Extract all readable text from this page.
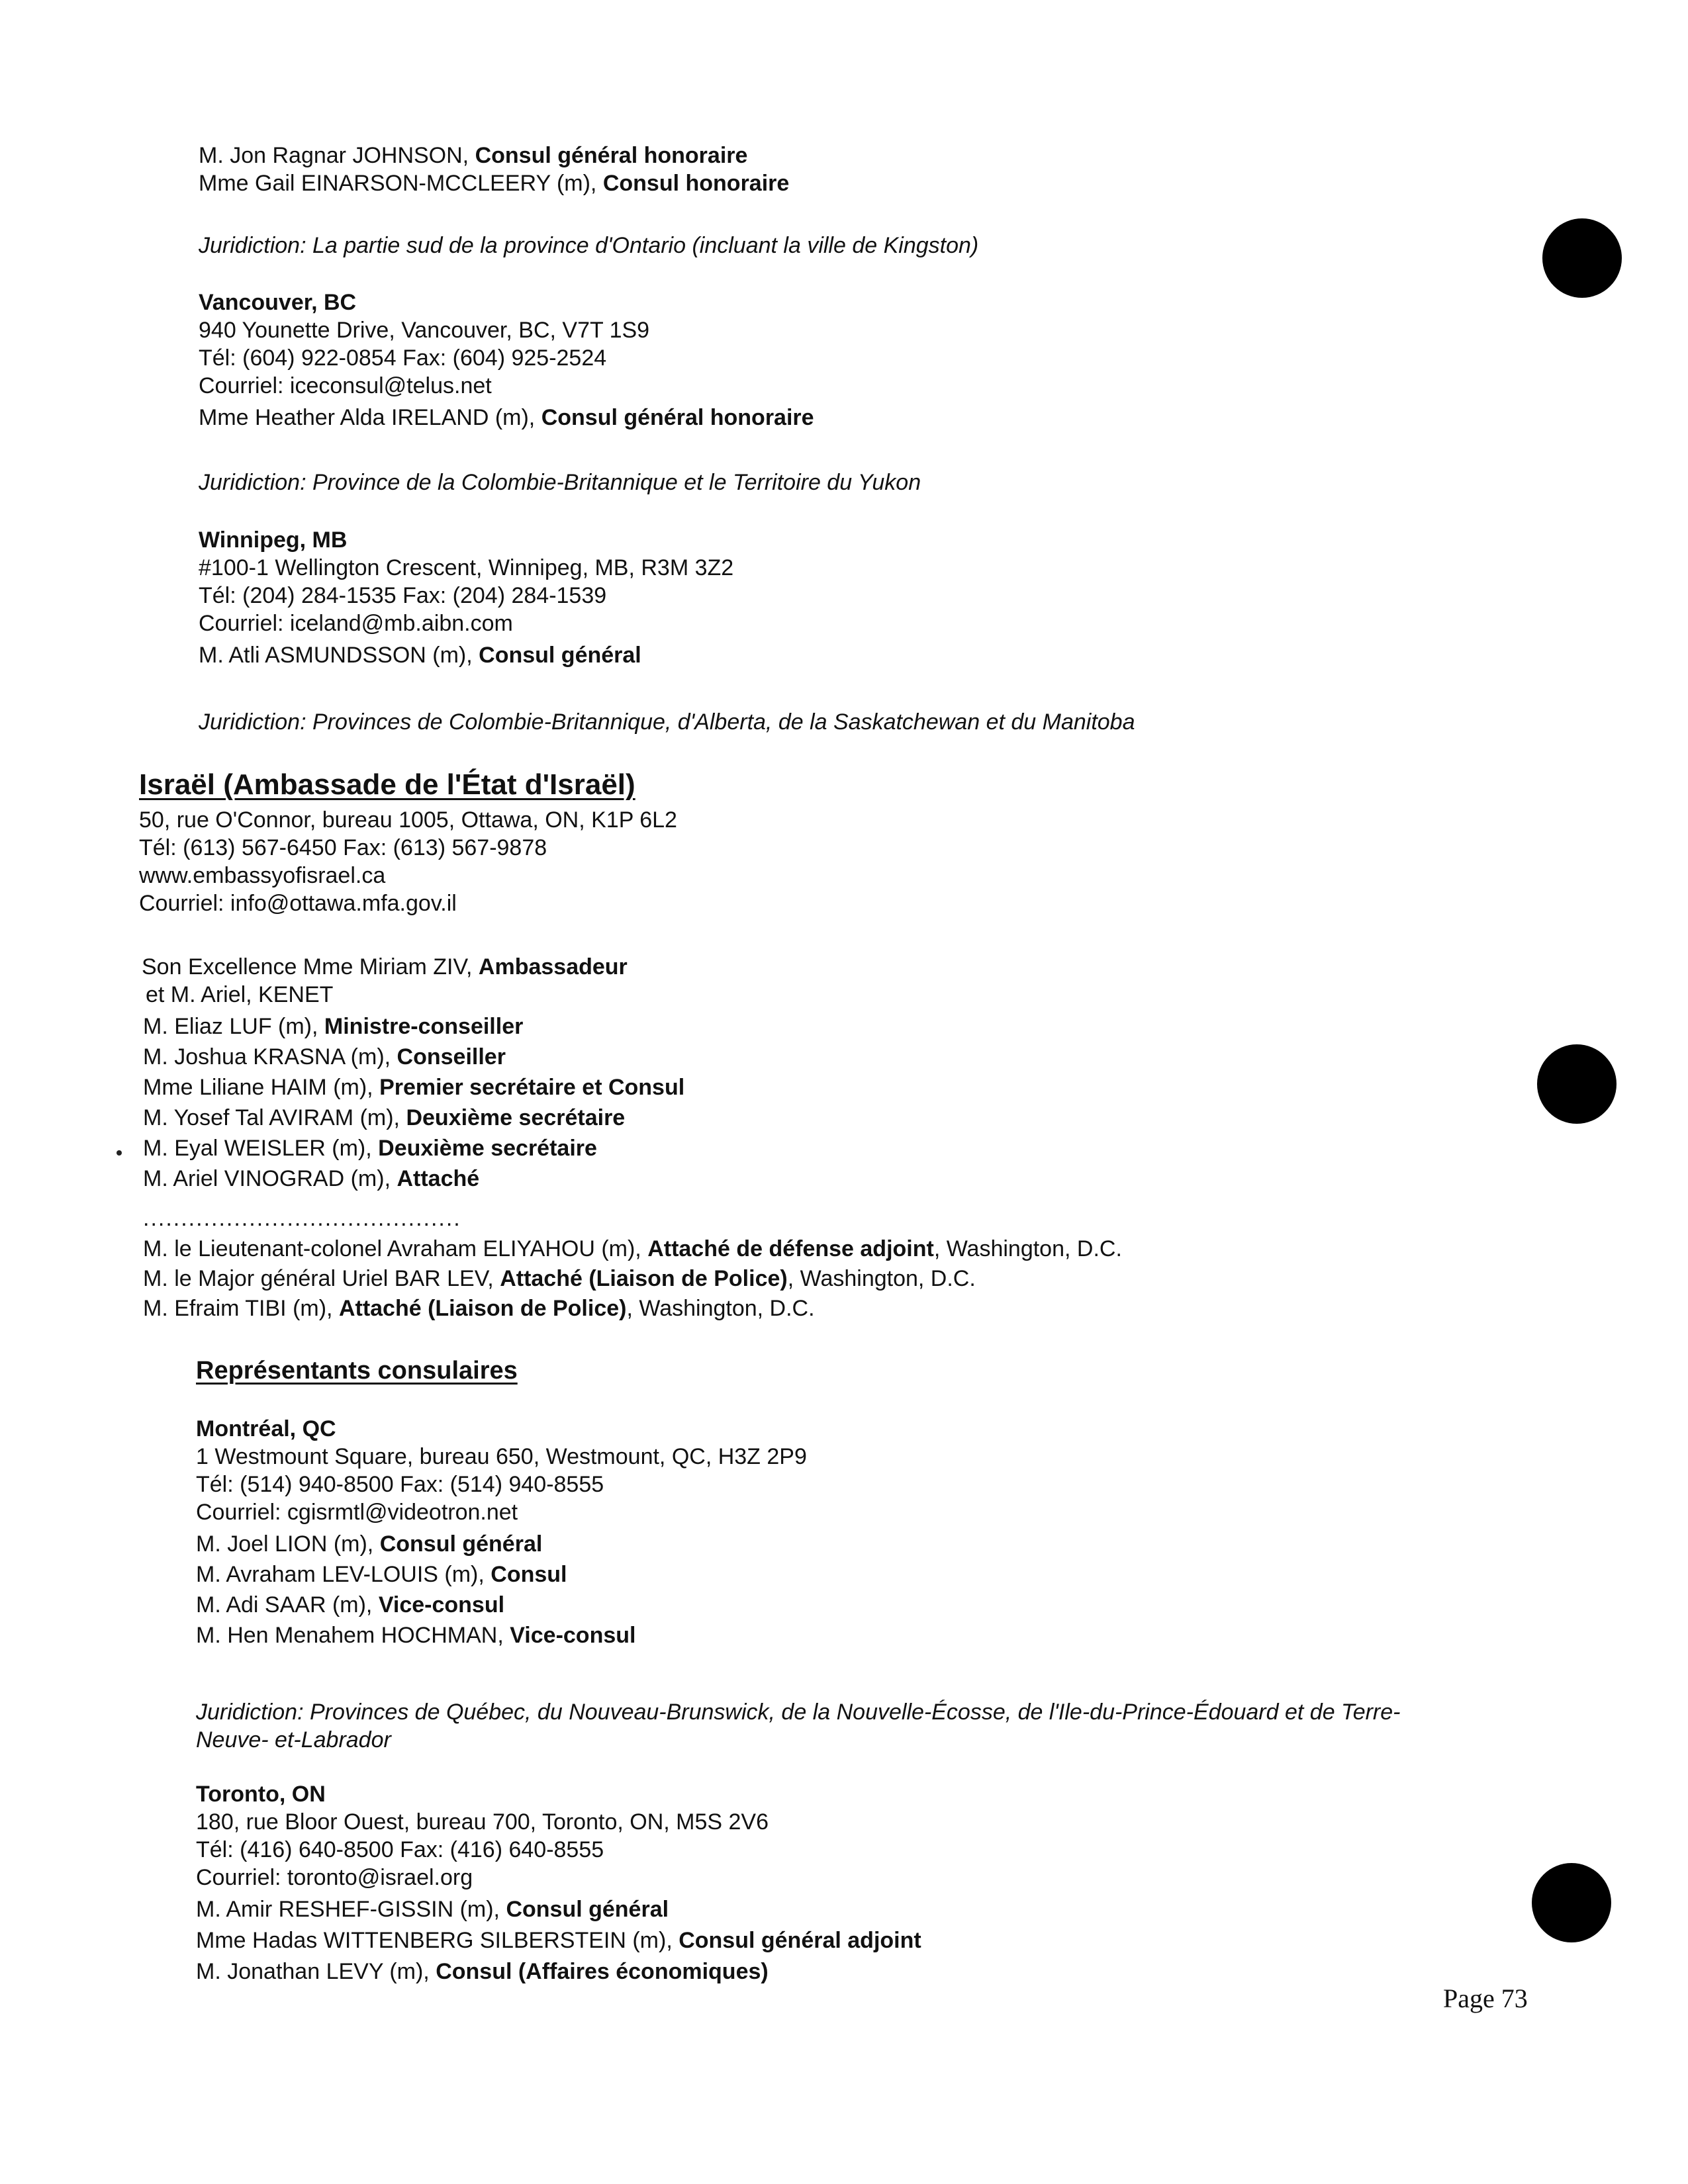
M. Jon Ragnar JOHNSON, Consul général honoraire
Mme Gail EINARSON-MCCLEERY (m), Consul honoraire
Juridiction: La partie sud de la province d'Ontario (incluant la ville de Kingston)
Vancouver, BC
940 Younette Drive, Vancouver, BC, V7T 1S9
Tél: (604) 922-0854 Fax: (604) 925-2524
Courriel: iceconsul@telus.net
Mme Heather Alda IRELAND (m), Consul général honoraire
Juridiction: Province de la Colombie-Britannique et le Territoire du Yukon
Winnipeg, MB
#100-1 Wellington Crescent, Winnipeg, MB, R3M 3Z2
Tél: (204) 284-1535 Fax: (204) 284-1539
Courriel: iceland@mb.aibn.com
M. Atli ASMUNDSSON (m), Consul général
Juridiction: Provinces de Colombie-Britannique, d'Alberta, de la Saskatchewan et du Manitoba
Israël (Ambassade de l'État d'Israël)
50, rue O'Connor, bureau 1005, Ottawa, ON, K1P 6L2
Tél: (613) 567-6450 Fax: (613) 567-9878
www.embassyofisrael.ca
Courriel: info@ottawa.mfa.gov.il
Son Excellence Mme Miriam ZIV, Ambassadeur
et M. Ariel, KENET
M. Eliaz LUF (m), Ministre-conseiller
M. Joshua KRASNA (m), Conseiller
Mme Liliane HAIM (m), Premier secrétaire et Consul
M. Yosef Tal AVIRAM (m), Deuxième secrétaire
M. Eyal WEISLER (m), Deuxième secrétaire
M. Ariel VINOGRAD (m), Attaché
..........................................
M. le Lieutenant-colonel Avraham ELIYAHOU (m), Attaché de défense adjoint, Washington, D.C.
M. le Major général Uriel BAR LEV, Attaché (Liaison de Police), Washington, D.C.
M. Efraim TIBI (m), Attaché (Liaison de Police), Washington, D.C.
Représentants consulaires
Montréal, QC
1 Westmount Square, bureau 650, Westmount, QC, H3Z 2P9
Tél: (514) 940-8500 Fax: (514) 940-8555
Courriel: cgisrmtl@videotron.net
M. Joel LION (m), Consul général
M. Avraham LEV-LOUIS (m), Consul
M. Adi SAAR (m), Vice-consul
M. Hen Menahem HOCHMAN, Vice-consul
Juridiction: Provinces de Québec, du Nouveau-Brunswick, de la Nouvelle-Écosse, de l'Ile-du-Prince-Édouard et de Terre-
Neuve- et-Labrador
Toronto, ON
180, rue Bloor Ouest, bureau 700, Toronto, ON, M5S 2V6
Tél: (416) 640-8500 Fax: (416) 640-8555
Courriel: toronto@israel.org
M. Amir RESHEF-GISSIN (m), Consul général
Mme Hadas WITTENBERG SILBERSTEIN (m), Consul général adjoint
M. Jonathan LEVY (m), Consul (Affaires économiques)
Page 73
